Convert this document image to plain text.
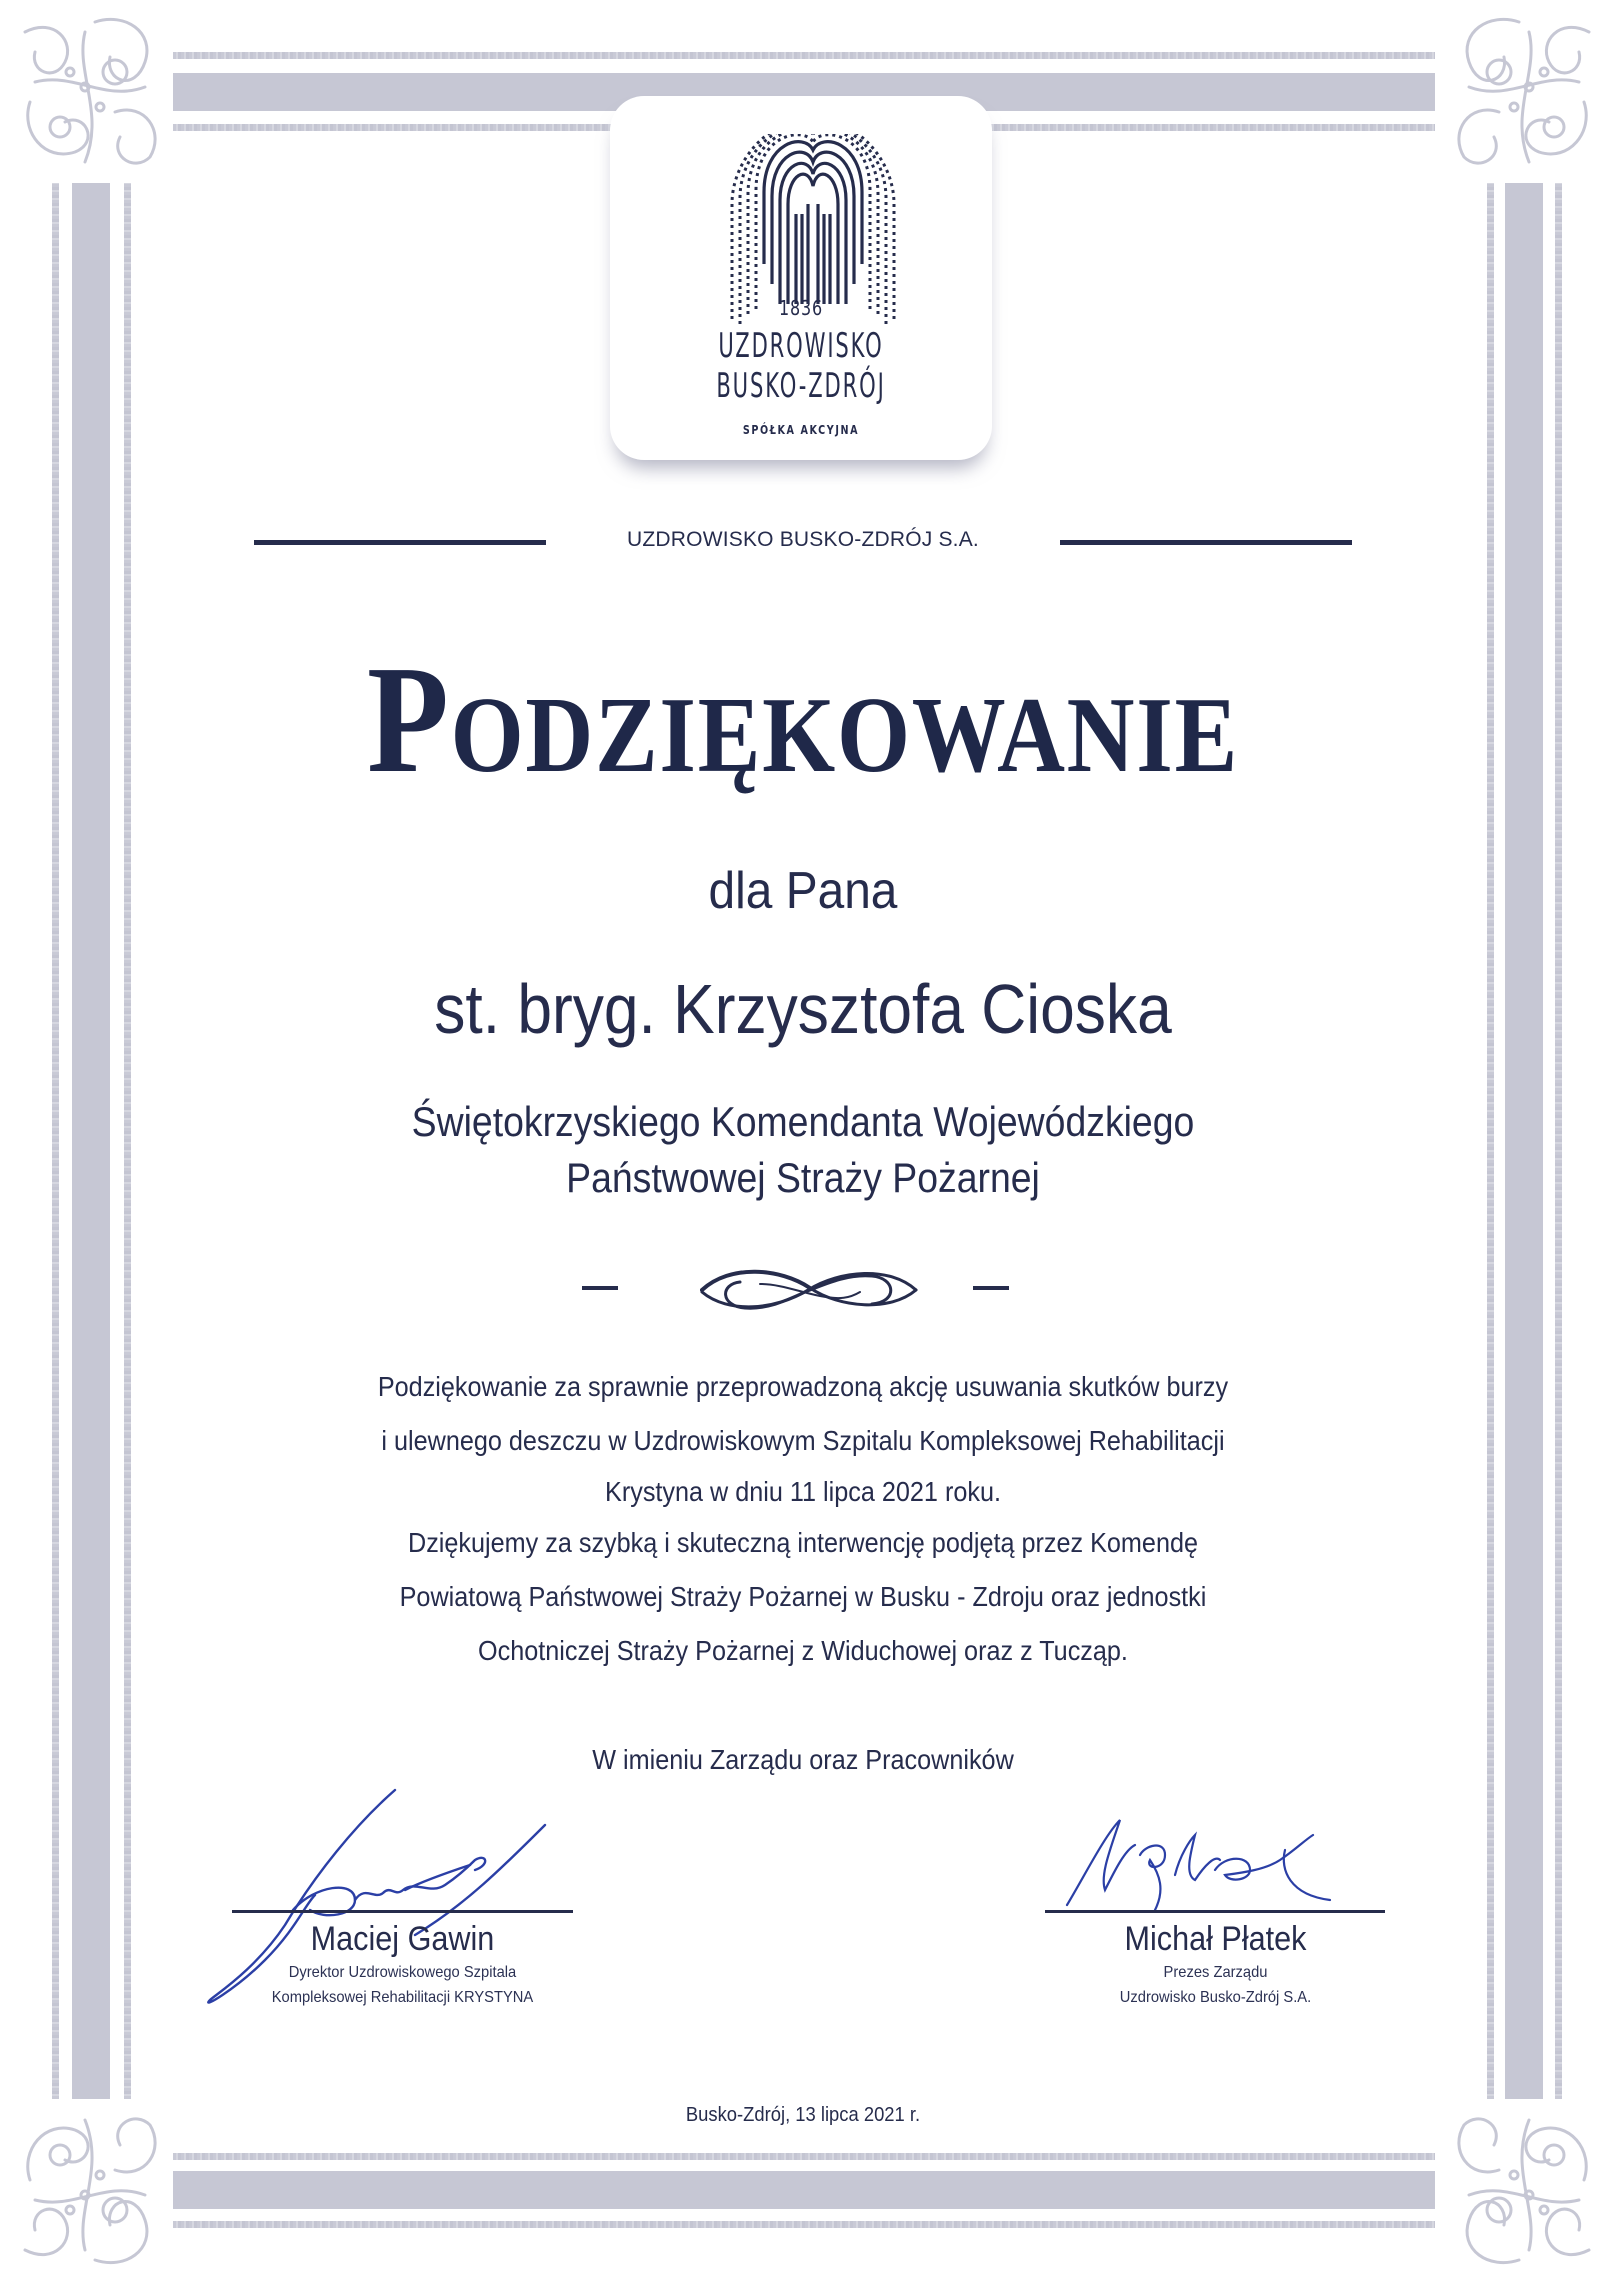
1836
UZDROWISKO
BUSKO-ZDRÓJ
SPÓŁKA AKCYJNA
UZDROWISKO BUSKO-ZDRÓJ S.A.
Podziękowanie
dla Pana
st. bryg. Krzysztofa Cioska
Świętokrzyskiego Komendanta Wojewódzkiego
Państwowej Straży Pożarnej
Podziękowanie za sprawnie przeprowadzoną akcję usuwania skutków burzy
i ulewnego deszczu w Uzdrowiskowym Szpitalu Kompleksowej Rehabilitacji
Krystyna w dniu 11 lipca 2021 roku.
Dziękujemy za szybką i skuteczną interwencję podjętą przez Komendę
Powiatową Państwowej Straży Pożarnej w Busku - Zdroju oraz jednostki
Ochotniczej Straży Pożarnej z Widuchowej oraz z Tucząp.
W imieniu Zarządu oraz Pracowników
Maciej Gawin
Dyrektor Uzdrowiskowego Szpitala
Kompleksowej Rehabilitacji KRYSTYNA
Michał Płatek
Prezes Zarządu
Uzdrowisko Busko-Zdrój S.A.
Busko-Zdrój, 13 lipca 2021 r.
